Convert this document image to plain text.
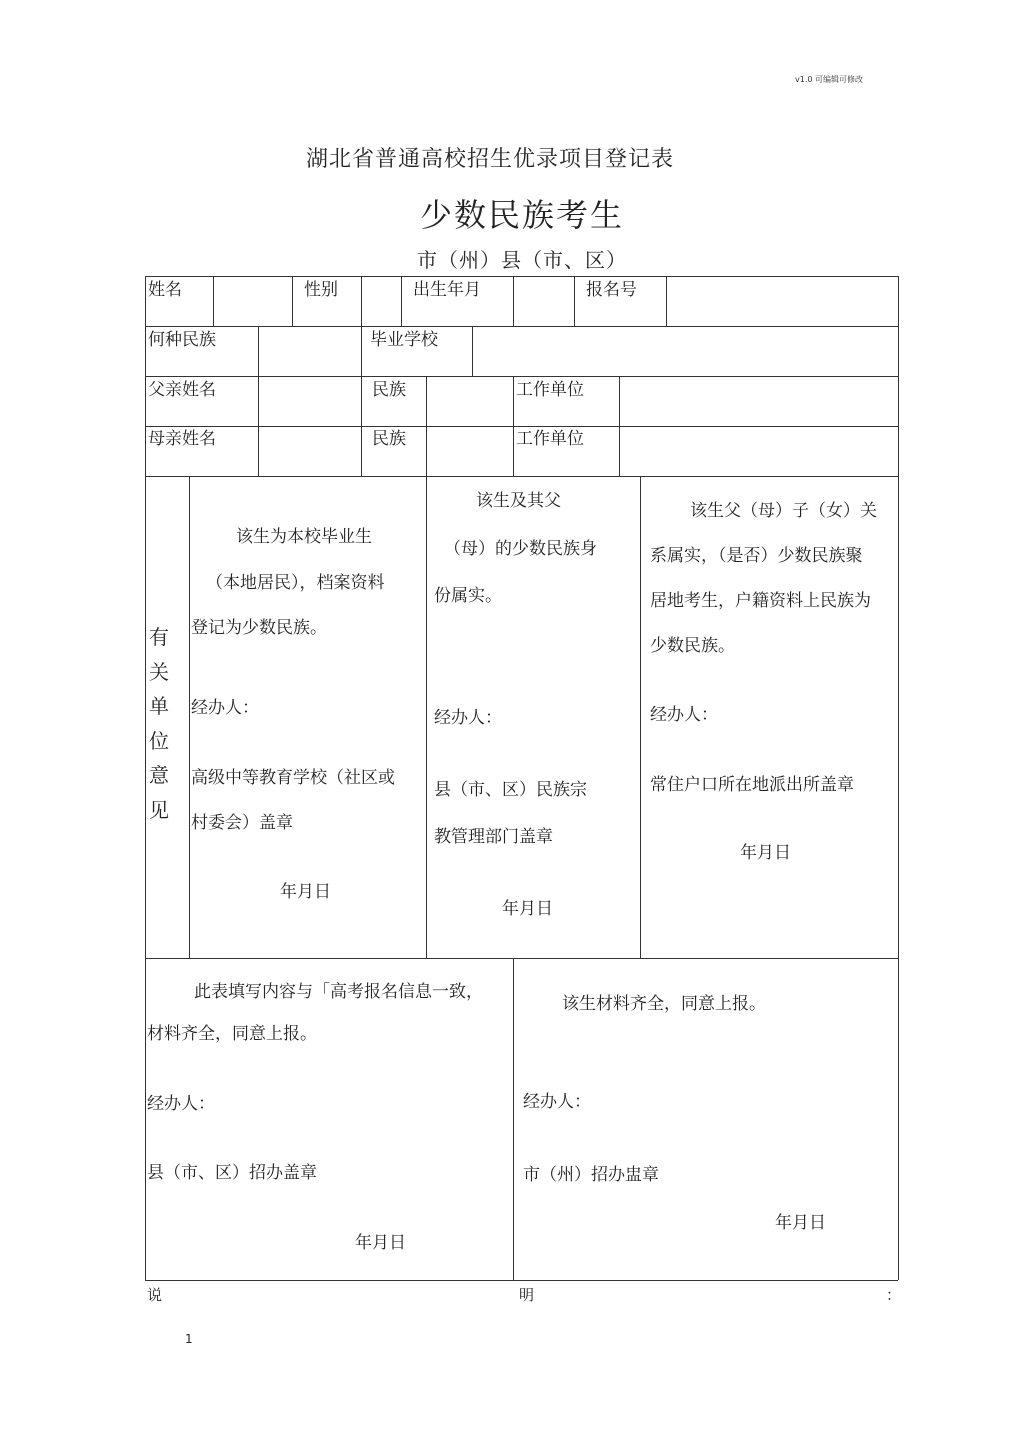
v1.0 可编辑可修改
湖北省普通高校招生优录项目登记表
少数民族考生
市（州）县（市、区）
姓名	性别	出生年月	报名号
何种民族	毕业学校
父亲姓名	民族	工作单位
母亲姓名	民族	工作单位
有
关
单
位
意
见
该生为本校毕业生
（本地居民），档案资料
登记为少数民族。
经办人：
高级中等教育学校（社区或
村委会）盖章
年月日
该生及其父
（母）的少数民族身
份属实。
经办人：
县（市、区）民族宗
教管理部门盖章
年月日
该生父（母）子（女）关
系属实，（是否）少数民族聚
居地考生，户籍资料上民族为
少数民族。
经办人：
常住户口所在地派出所盖章
年月日
此表填写内容与「高考报名信息一致，
材料齐全，同意上报。
经办人：
县（市、区）招办盖章
年月日
该生材料齐全，同意上报。
经办人：
市（州）招办盅章
年月日
说	明	：
1
